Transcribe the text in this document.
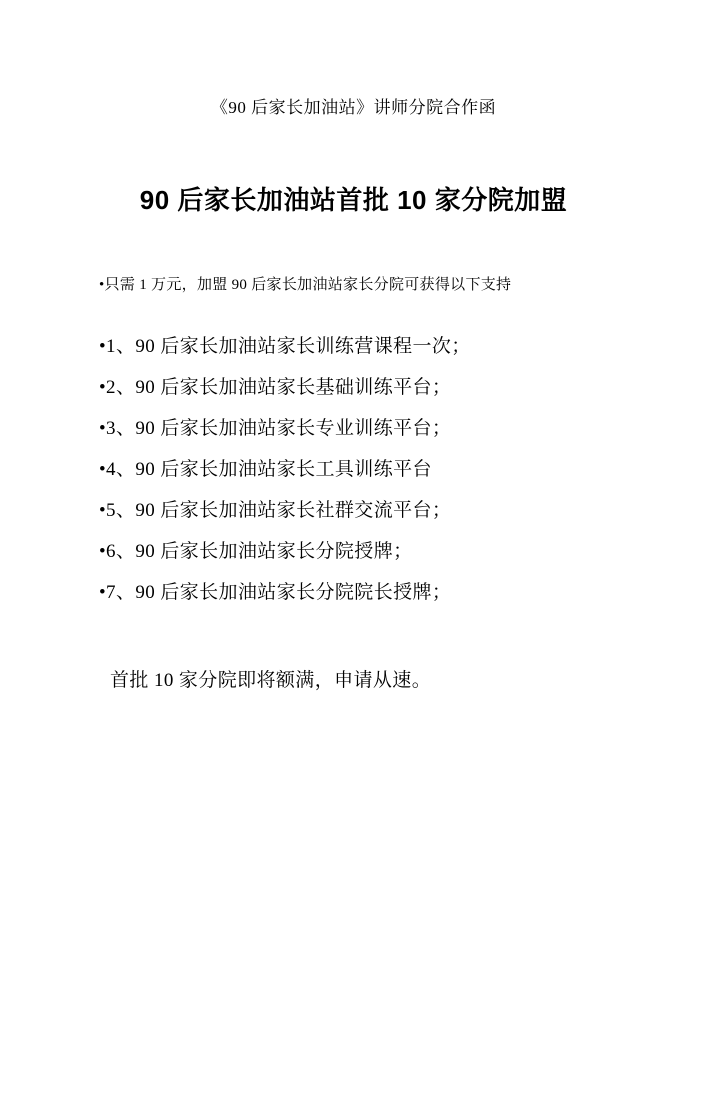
《90 后家长加油站》讲师分院合作函
90 后家长加油站首批 10 家分院加盟
•只需 1 万元，加盟 90 后家长加油站家长分院可获得以下支持
•1、90 后家长加油站家长训练营课程一次；
•2、90 后家长加油站家长基础训练平台；
•3、90 后家长加油站家长专业训练平台；
•4、90 后家长加油站家长工具训练平台
•5、90 后家长加油站家长社群交流平台；
•6、90 后家长加油站家长分院授牌；
•7、90 后家长加油站家长分院院长授牌；
首批 10 家分院即将额满，申请从速。
